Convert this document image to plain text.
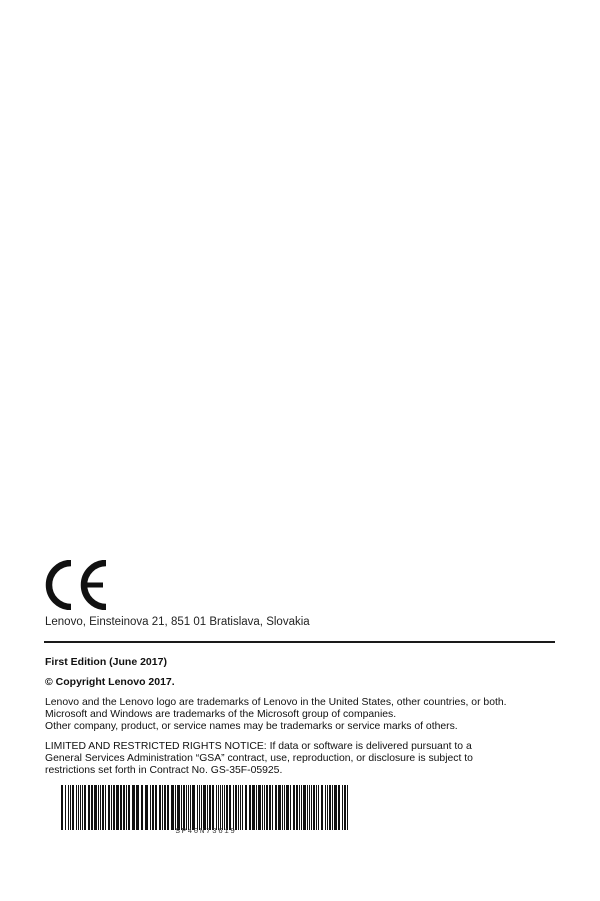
Lenovo, Einsteinova 21, 851 01 Bratislava, Slovakia
First Edition (June 2017)
© Copyright Lenovo 2017.
Lenovo and the Lenovo logo are trademarks of Lenovo in the United States, other countries, or both.
Microsoft and Windows are trademarks of the Microsoft group of companies.
Other company, product, or service names may be trademarks or service marks of others.
LIMITED AND RESTRICTED RIGHTS NOTICE: If data or software is delivered pursuant to a
General Services Administration “GSA” contract, use, reproduction, or disclosure is subject to
restrictions set forth in Contract No. GS-35F-05925.
SP40N73619
